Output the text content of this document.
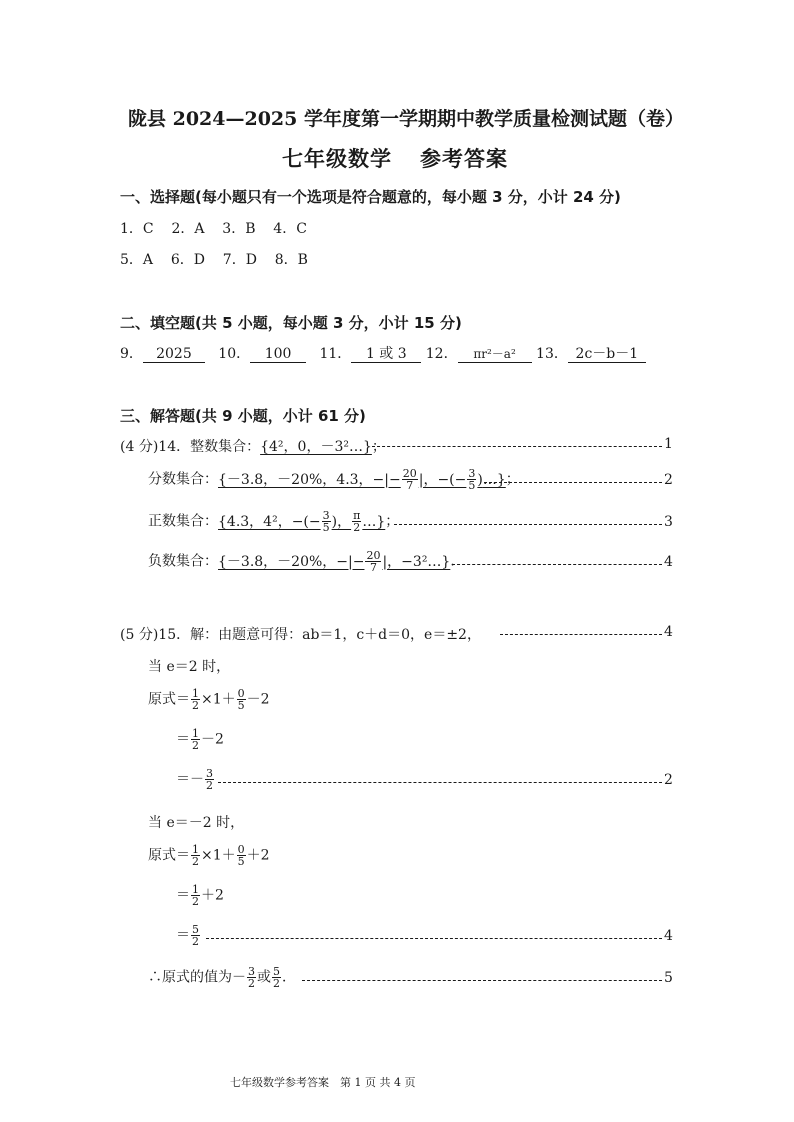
陇县 2024—2025 学年度第一学期期中教学质量检测试题（卷）
七年级数学 参考答案
一、选择题(每小题只有一个选项是符合题意的，每小题 3 分，小计 24 分)
1．C 2．A 3．B 4．C
5．A 6．D 7．D 8．B
二、填空题(共 5 小题，每小题 3 分，小计 15 分)
9． 2025 10． 100 11． 1 或 3 12． πr²－a² 13． 2c－b－1
三、解答题(共 9 小题，小计 61 分)
(4 分)14．整数集合：{4²，0，－3²…}；	1
分数集合：{－3.8，－20%，4.3，−|− $\frac{20}{7}$ |，−(− $\frac{3}{5}$ )…}；	2
正数集合：{4.3，4²，−(− $\frac{3}{5}$ )， $\frac{\pi}{2}$ …}；	3
负数集合：{－3.8，－20%，−|− $\frac{20}{7}$ |，−3²…}．	4
(5 分)15．解：由题意可得：ab＝1，c＋d＝0，e＝±2，	4
当 e＝2 时，
原式＝ $\frac{1}{2} \times 1+ \frac{0}{5} -2$
＝ $\frac{1}{2} -2$
＝－ $\frac{3}{2}$	2
当 e＝－2 时，
原式＝ $\frac{1}{2} \times 1+ \frac{0}{5} +2$
＝ $\frac{1}{2} +2$
＝ $\frac{5}{2}$	4
∴原式的值为－ $\frac{3}{2}$ 或 $\frac{5}{2}$ ．	5
七年级数学参考答案　第 1 页 共 4 页
